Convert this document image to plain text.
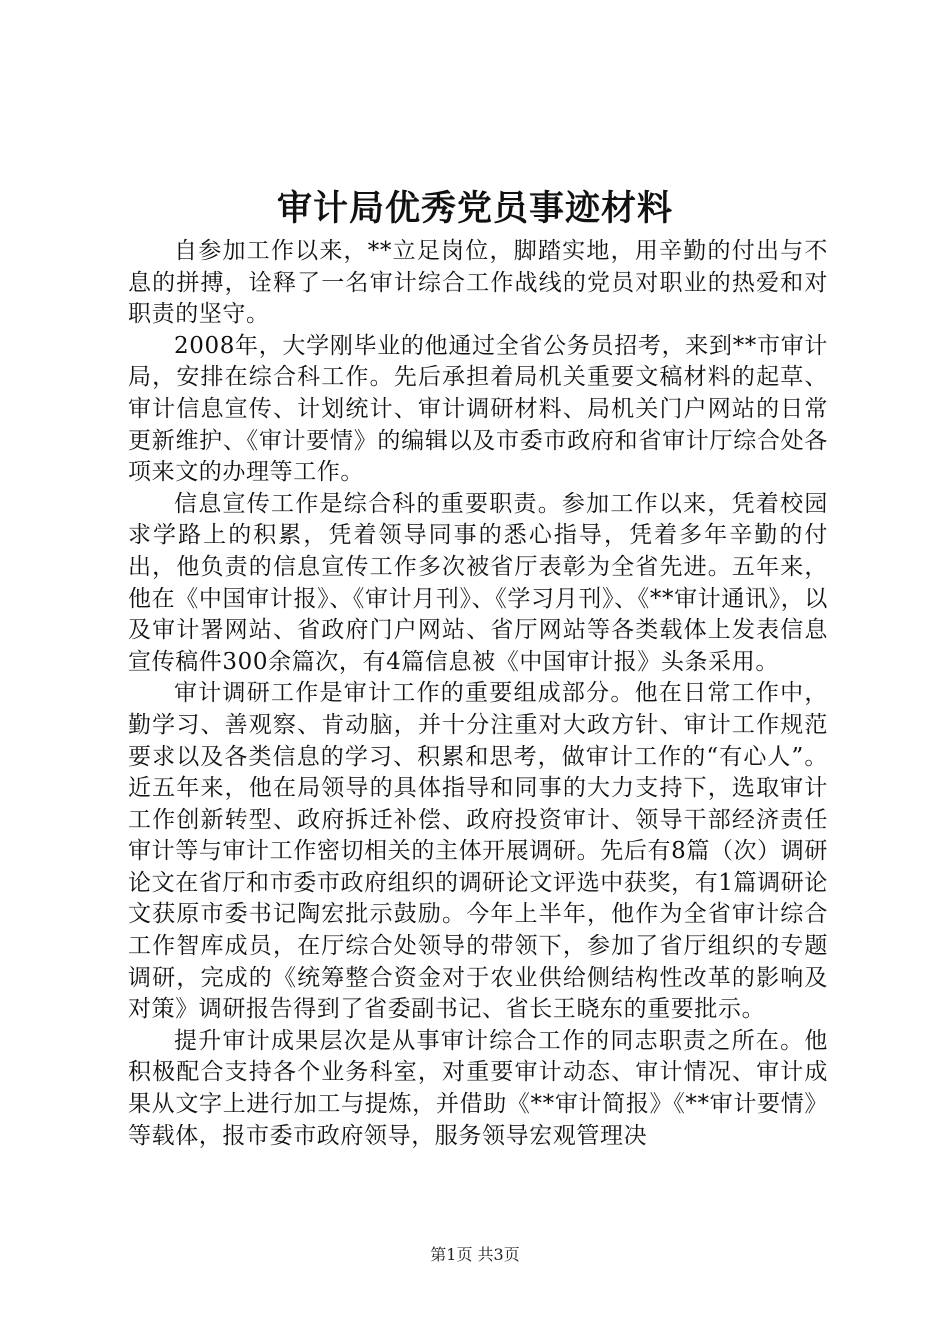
审计局优秀党员事迹材料

自参加工作以来，**立足岗位，脚踏实地，用辛勤的付出与不息的拼搏，诠释了一名审计综合工作战线的党员对职业的热爱和对职责的坚守。

2008年，大学刚毕业的他通过全省公务员招考，来到**市审计局，安排在综合科工作。先后承担着局机关重要文稿材料的起草、审计信息宣传、计划统计、审计调研材料、局机关门户网站的日常更新维护、《审计要情》的编辑以及市委市政府和省审计厅综合处各项来文的办理等工作。

信息宣传工作是综合科的重要职责。参加工作以来，凭着校园求学路上的积累，凭着领导同事的悉心指导，凭着多年辛勤的付出，他负责的信息宣传工作多次被省厅表彰为全省先进。五年来，他在《中国审计报》、《审计月刊》、《学习月刊》、《**审计通讯》，以及审计署网站、省政府门户网站、省厅网站等各类载体上发表信息宣传稿件300余篇次，有4篇信息被《中国审计报》头条采用。

审计调研工作是审计工作的重要组成部分。他在日常工作中，勤学习、善观察、肯动脑，并十分注重对大政方针、审计工作规范要求以及各类信息的学习、积累和思考，做审计工作的“有心人”。近五年来，他在局领导的具体指导和同事的大力支持下，选取审计工作创新转型、政府拆迁补偿、政府投资审计、领导干部经济责任审计等与审计工作密切相关的主体开展调研。先后有8篇（次）调研论文在省厅和市委市政府组织的调研论文评选中获奖，有1篇调研论文获原市委书记陶宏批示鼓励。今年上半年，他作为全省审计综合工作智库成员，在厅综合处领导的带领下，参加了省厅组织的专题调研，完成的《统筹整合资金对于农业供给侧结构性改革的影响及对策》调研报告得到了省委副书记、省长王晓东的重要批示。

提升审计成果层次是从事审计综合工作的同志职责之所在。他积极配合支持各个业务科室，对重要审计动态、审计情况、审计成果从文字上进行加工与提炼，并借助《**审计简报》《**审计要情》等载体，报市委市政府领导，服务领导宏观管理决

第1页 共3页
